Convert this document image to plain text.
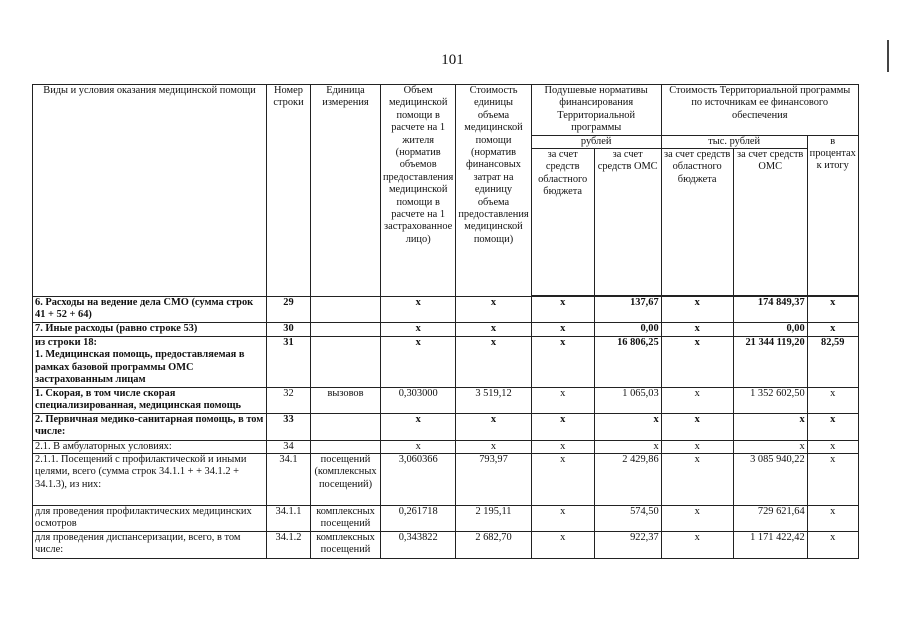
101
Виды и условия оказания медицинской помощи	Номер строки	Единица измерения	Объем медицинской помощи в расчете на 1 жителя (норматив объемов предоставления медицинской помощи в расчете на 1 застрахованное лицо)	Стоимость единицы объема медицинской помощи (норматив финансовых затрат на единицу объема предоставления медицинской помощи)	Подушевые нормативы финансирования Территориальной программы		Стоимость Территориальной программы по источникам ее финансового обеспечения		
					рублей		тыс. рублей		в процентах к итогу
					за счет средств областного бюджета	за счет средств ОМС	за счет средств областного бюджета	за счет средств ОМС	

6. Расходы на ведение дела СМО (сумма строк 41 + 52 + 64)	29		х	х	х	137,67	х	174 849,37	х
7. Иные расходы (равно строке 53)	30		х	х	х	0,00	х	0,00	х
из строки 18:
1. Медицинская помощь, предоставляемая в рамках базовой программы ОМС застрахованным лицам	31		х	х	х	16 806,25	х	21 344 119,20	82,59
1. Скорая, в том числе скорая специализированная, медицинская помощь	32	вызовов	0,303000	3 519,12	х	1 065,03	х	1 352 602,50	х
2. Первичная медико-санитарная помощь, в том числе:	33		х	х	х	х	х	х	х
2.1. В амбулаторных условиях:	34		х	х	х	х	х	х	х
2.1.1. Посещений с профилактической и иными целями, всего (сумма строк 34.1.1 + + 34.1.2 + 34.1.3), из них:	34.1	посещений (комплексных посещений)	3,060366	793,97	х	2 429,86	х	3 085 940,22	х
для проведения профилактических медицинских осмотров	34.1.1	комплексных посещений	0,261718	2 195,11	х	574,50	х	729 621,64	х
для проведения диспансеризации, всего, в том числе:	34.1.2	комплексных посещений	0,343822	2 682,70	х	922,37	х	1 171 422,42	х
